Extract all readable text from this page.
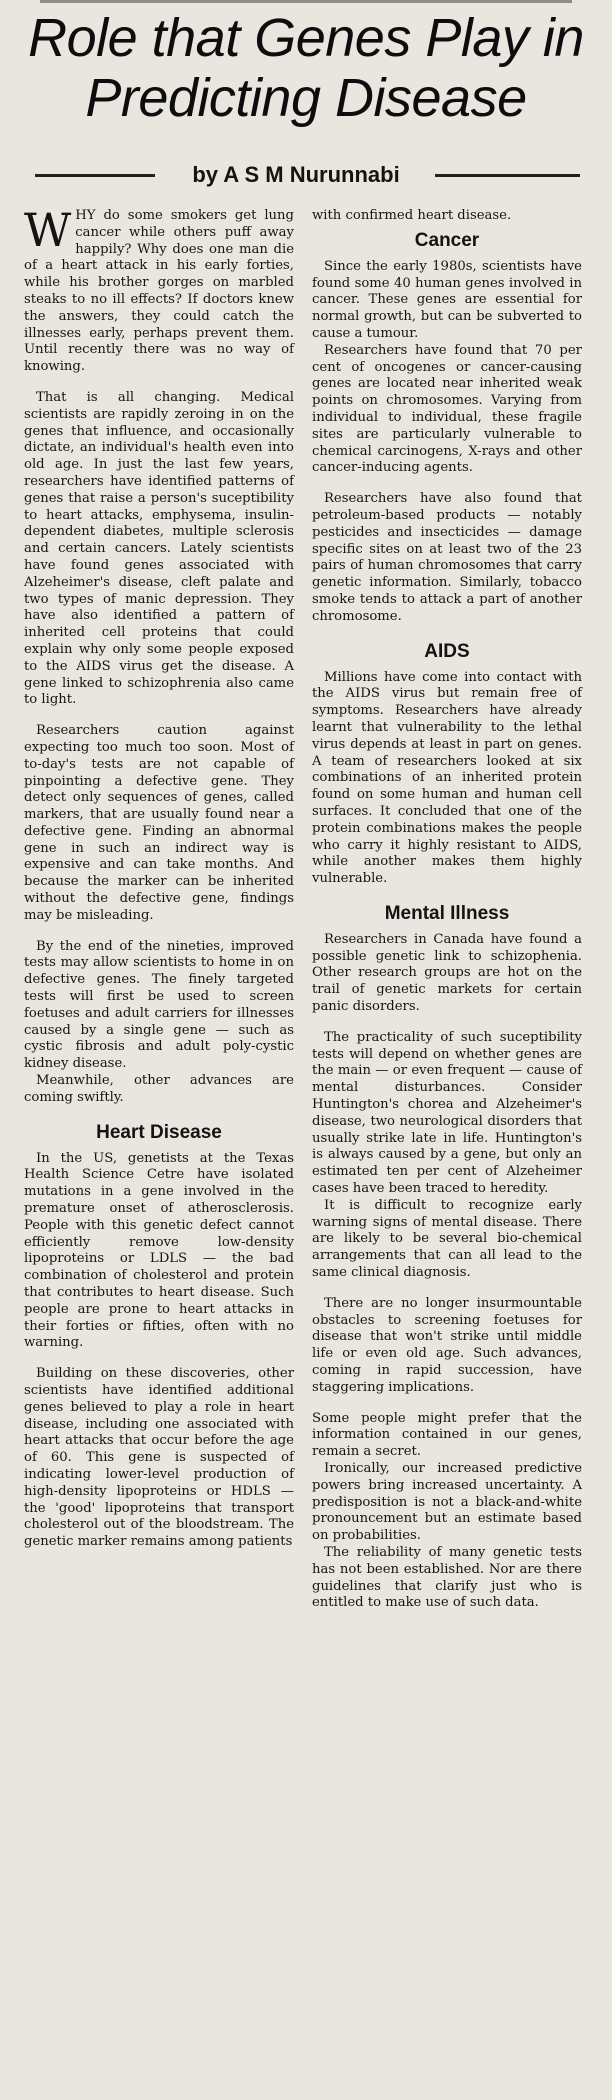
Role that Genes Play in Predicting Disease
by A S M Nurunnabi

WHY do some smokers get lung cancer while others puff away happily? Why does one man die of a heart attack in his early forties, while his brother gorges on marbled steaks to no ill effects? If doctors knew the answers, they could catch the illnesses early, perhaps prevent them. Until recently there was no way of knowing.

That is all changing. Medical scientists are rapidly zeroing in on the genes that influence, and occasionally dictate, an individual's health even into old age. In just the last few years, researchers have identified patterns of genes that raise a person's suceptibility to heart attacks, emphysema, insulin-dependent diabetes, multiple sclerosis and certain cancers. Lately scientists have found genes associated with Alzeheimer's disease, cleft palate and two types of manic depression. They have also identified a pattern of inherited cell proteins that could explain why only some people exposed to the AIDS virus get the disease. A gene linked to schizophrenia also came to light.

Researchers caution against expecting too much too soon. Most of to-day's tests are not capable of pinpointing a defective gene. They detect only sequences of genes, called markers, that are usually found near a defective gene. Finding an abnormal gene in such an indirect way is expensive and can take months. And because the marker can be inherited without the defective gene, findings may be misleading.

By the end of the nineties, improved tests may allow scientists to home in on defective genes. The finely targeted tests will first be used to screen foetuses and adult carriers for illnesses caused by a single gene — such as cystic fibrosis and adult poly-cystic kidney disease.

Meanwhile, other advances are coming swiftly.

Heart Disease

In the US, genetists at the Texas Health Science Cetre have isolated mutations in a gene involved in the premature onset of atherosclerosis. People with this genetic defect cannot efficiently remove low-density lipoproteins or LDLS — the bad combination of cholesterol and protein that contributes to heart disease. Such people are prone to heart attacks in their forties or fifties, often with no warning.

Building on these discoveries, other scientists have identified additional genes believed to play a role in heart disease, including one associated with heart attacks that occur before the age of 60. This gene is suspected of indicating lower-level production of high-density lipoproteins or HDLS — the 'good' lipoproteins that transport cholesterol out of the bloodstream. The genetic marker remains among patients

with confirmed heart disease.

Cancer

Since the early 1980s, scientists have found some 40 human genes involved in cancer. These genes are essential for normal growth, but can be subverted to cause a tumour.

Researchers have found that 70 per cent of oncogenes or cancer-causing genes are located near inherited weak points on chromosomes. Varying from individual to individual, these fragile sites are particularly vulnerable to chemical carcinogens, X-rays and other cancer-inducing agents.

Researchers have also found that petroleum-based products — notably pesticides and insecticides — damage specific sites on at least two of the 23 pairs of human chromosomes that carry genetic information. Similarly, tobacco smoke tends to attack a part of another chromosome.

AIDS

Millions have come into contact with the AIDS virus but remain free of symptoms. Researchers have already learnt that vulnerability to the lethal virus depends at least in part on genes. A team of researchers looked at six combinations of an inherited protein found on some human and human cell surfaces. It concluded that one of the protein combinations makes the people who carry it highly resistant to AIDS, while another makes them highly vulnerable.

Mental Illness

Researchers in Canada have found a possible genetic link to schizophenia. Other research groups are hot on the trail of genetic markets for certain panic disorders.

The practicality of such suceptibility tests will depend on whether genes are the main — or even frequent — cause of mental disturbances. Consider Huntington's chorea and Alzeheimer's disease, two neurological disorders that usually strike late in life. Huntington's is always caused by a gene, but only an estimated ten per cent of Alzeheimer cases have been traced to heredity.

It is difficult to recognize early warning signs of mental disease. There are likely to be several bio-chemical arrangements that can all lead to the same clinical diagnosis.

There are no longer insurmountable obstacles to screening foetuses for disease that won't strike until middle life or even old age. Such advances, coming in rapid succession, have staggering implications.

Some people might prefer that the information contained in our genes, remain a secret.

Ironically, our increased predictive powers bring increased uncertainty. A predisposition is not a black-and-white pronouncement but an estimate based on probabilities.

The reliability of many genetic tests has not been established. Nor are there guidelines that clarify just who is entitled to make use of such data.
